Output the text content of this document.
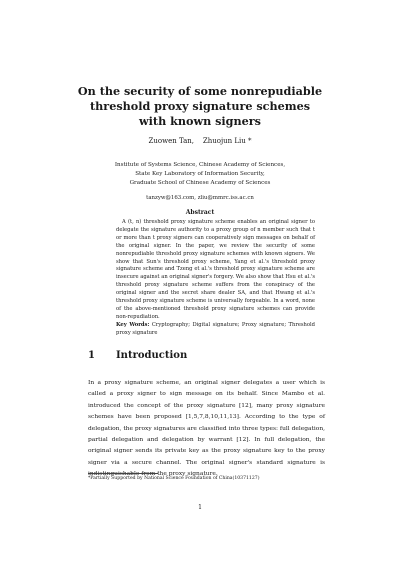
On the security of some nonrepudiable
threshold proxy signature schemes
with known signers
Zuowen Tan,    Zhuojun Liu *
Institute of Systems Science, Chinese Academy of Sciences,
State Key Laboratory of Information Security,
Graduate School of Chinese Academy of Sciences
tanzyw@163.com, zliu@mmrc.iss.ac.cn
Abstract

A (t, n) threshold proxy signature scheme enables an original signer to delegate the signature authority to a proxy group of n member such that t or more than t proxy signers can cooperatively sign messages on behalf of the original signer. In the paper, we review the security of some nonrepudiable threshold proxy signature schemes with known signers. We show that Sun's threshold proxy scheme, Yang et al.'s threshold proxy signature scheme and Tzeng et al.'s threshold proxy signature scheme are insecure against an original signer's forgery. We also show that Hsu et al.'s threshold proxy signature scheme suffers from the conspiracy of the original signer and the secret share dealer SA, and that Hwang et al.'s threshold proxy signature scheme is universally forgeable. In a word, none of the above-mentioned threshold proxy signature schemes can provide non-repudiation.

Key Words: Cryptography; Digital signature; Proxy signature; Threshold proxy signature
1 Introduction

In a proxy signature scheme, an original signer delegates a user which is called a proxy signer to sign message on its behalf. Since Mambo et al. introduced the concept of the proxy signature [12], many proxy signature schemes have been proposed [1,5,7,8,10,11,13]. According to the type of delegation, the proxy signatures are classified into three types: full delegation, partial delegation and delegation by warrant [12]. In full delegation, the original signer sends its private key as the proxy signature key to the proxy signer via a secure channel. The original signer's standard signature is indistinguishable from the proxy signature.

*Partially Supported by National Science Foundation of China(10371127)
1
